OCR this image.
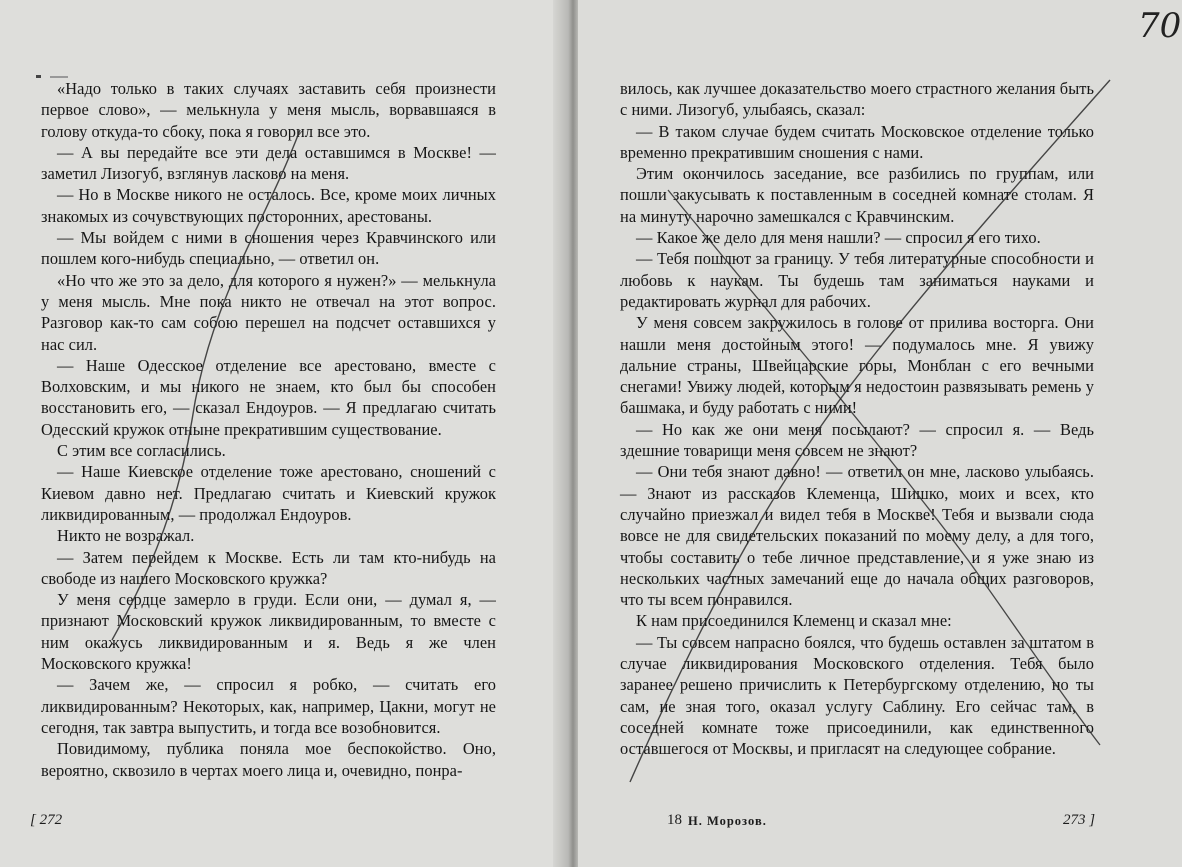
«Надо только в таких случаях заставить себя произнести первое слово», — мелькнула у меня мысль, ворвавшаяся в голову откуда-то сбоку, пока я говорил все это.

— А вы передайте все эти дела оставшимся в Москве! — заметил Лизогуб, взглянув ласково на меня.

— Но в Москве никого не осталось. Все, кроме моих личных знакомых из сочувствующих посторонних, арестованы.

— Мы войдем с ними в сношения через Кравчинского или пошлем кого-нибудь специально, — ответил он.

«Но что же это за дело, для которого я нужен?» — мелькнула у меня мысль. Мне пока никто не отвечал на этот вопрос. Разговор как-то сам собою перешел на подсчет оставшихся у нас сил.

— Наше Одесское отделение все арестовано, вместе с Волховским, и мы никого не знаем, кто был бы способен восстановить его, — сказал Ендоуров. — Я предлагаю считать Одесский кружок отныне прекратившим существование.

С этим все согласились.

— Наше Киевское отделение тоже арестовано, сношений с Киевом давно нет. Предлагаю считать и Киевский кружок ликвидированным, — продолжал Ендоуров.

Никто не возражал.

— Затем перейдем к Москве. Есть ли там кто-нибудь на свободе из нашего Московского кружка?

У меня сердце замерло в груди. Если они, — думал я, — признают Московский кружок ликвидированным, то вместе с ним окажусь ликвидированным и я. Ведь я же член Московского кружка!

— Зачем же, — спросил я робко, — считать его ликвидированным? Некоторых, как, например, Цакни, могут не сегодня, так завтра выпустить, и тогда все возобновится.

Повидимому, публика поняла мое беспокойство. Оно, вероятно, сквозило в чертах моего лица и, очевидно, понра-

[ 272

вилось, как лучшее доказательство моего страстного желания быть с ними. Лизогуб, улыбаясь, сказал:

— В таком случае будем считать Московское отделение только временно прекратившим сношения с нами.

Этим окончилось заседание, все разбились по группам, или пошли закусывать к поставленным в соседней комнате столам. Я на минуту нарочно замешкался с Кравчинским.

— Какое же дело для меня нашли? — спросил я его тихо.

— Тебя пошлют за границу. У тебя литературные способности и любовь к наукам. Ты будешь там заниматься науками и редактировать журнал для рабочих.

У меня совсем закружилось в голове от прилива восторга. Они нашли меня достойным этого! — подумалось мне. Я увижу дальние страны, Швейцарские горы, Монблан с его вечными снегами! Увижу людей, которым я недостоин развязывать ремень у башмака, и буду работать с ними!

— Но как же они меня посылают? — спросил я. — Ведь здешние товарищи меня совсем не знают?

— Они тебя знают давно! — ответил он мне, ласково улыбаясь. — Знают из рассказов Клеменца, Шишко, моих и всех, кто случайно приезжал и видел тебя в Москве! Тебя и вызвали сюда вовсе не для свидетельских показаний по моему делу, а для того, чтобы составить о тебе личное представление, и я уже знаю из нескольких частных замечаний еще до начала общих разговоров, что ты всем понравился.

К нам присоединился Клеменц и сказал мне:

— Ты совсем напрасно боялся, что будешь оставлен за штатом в случае ликвидирования Московского отделения. Тебя было заранее решено причислить к Петербургскому отделению, но ты сам, не зная того, оказал услугу Саблину. Его сейчас там, в соседней комнате тоже присоединили, как единственного оставшегося от Москвы, и пригласят на следующее собрание.

18 Н. Морозов.	273 ]
70
